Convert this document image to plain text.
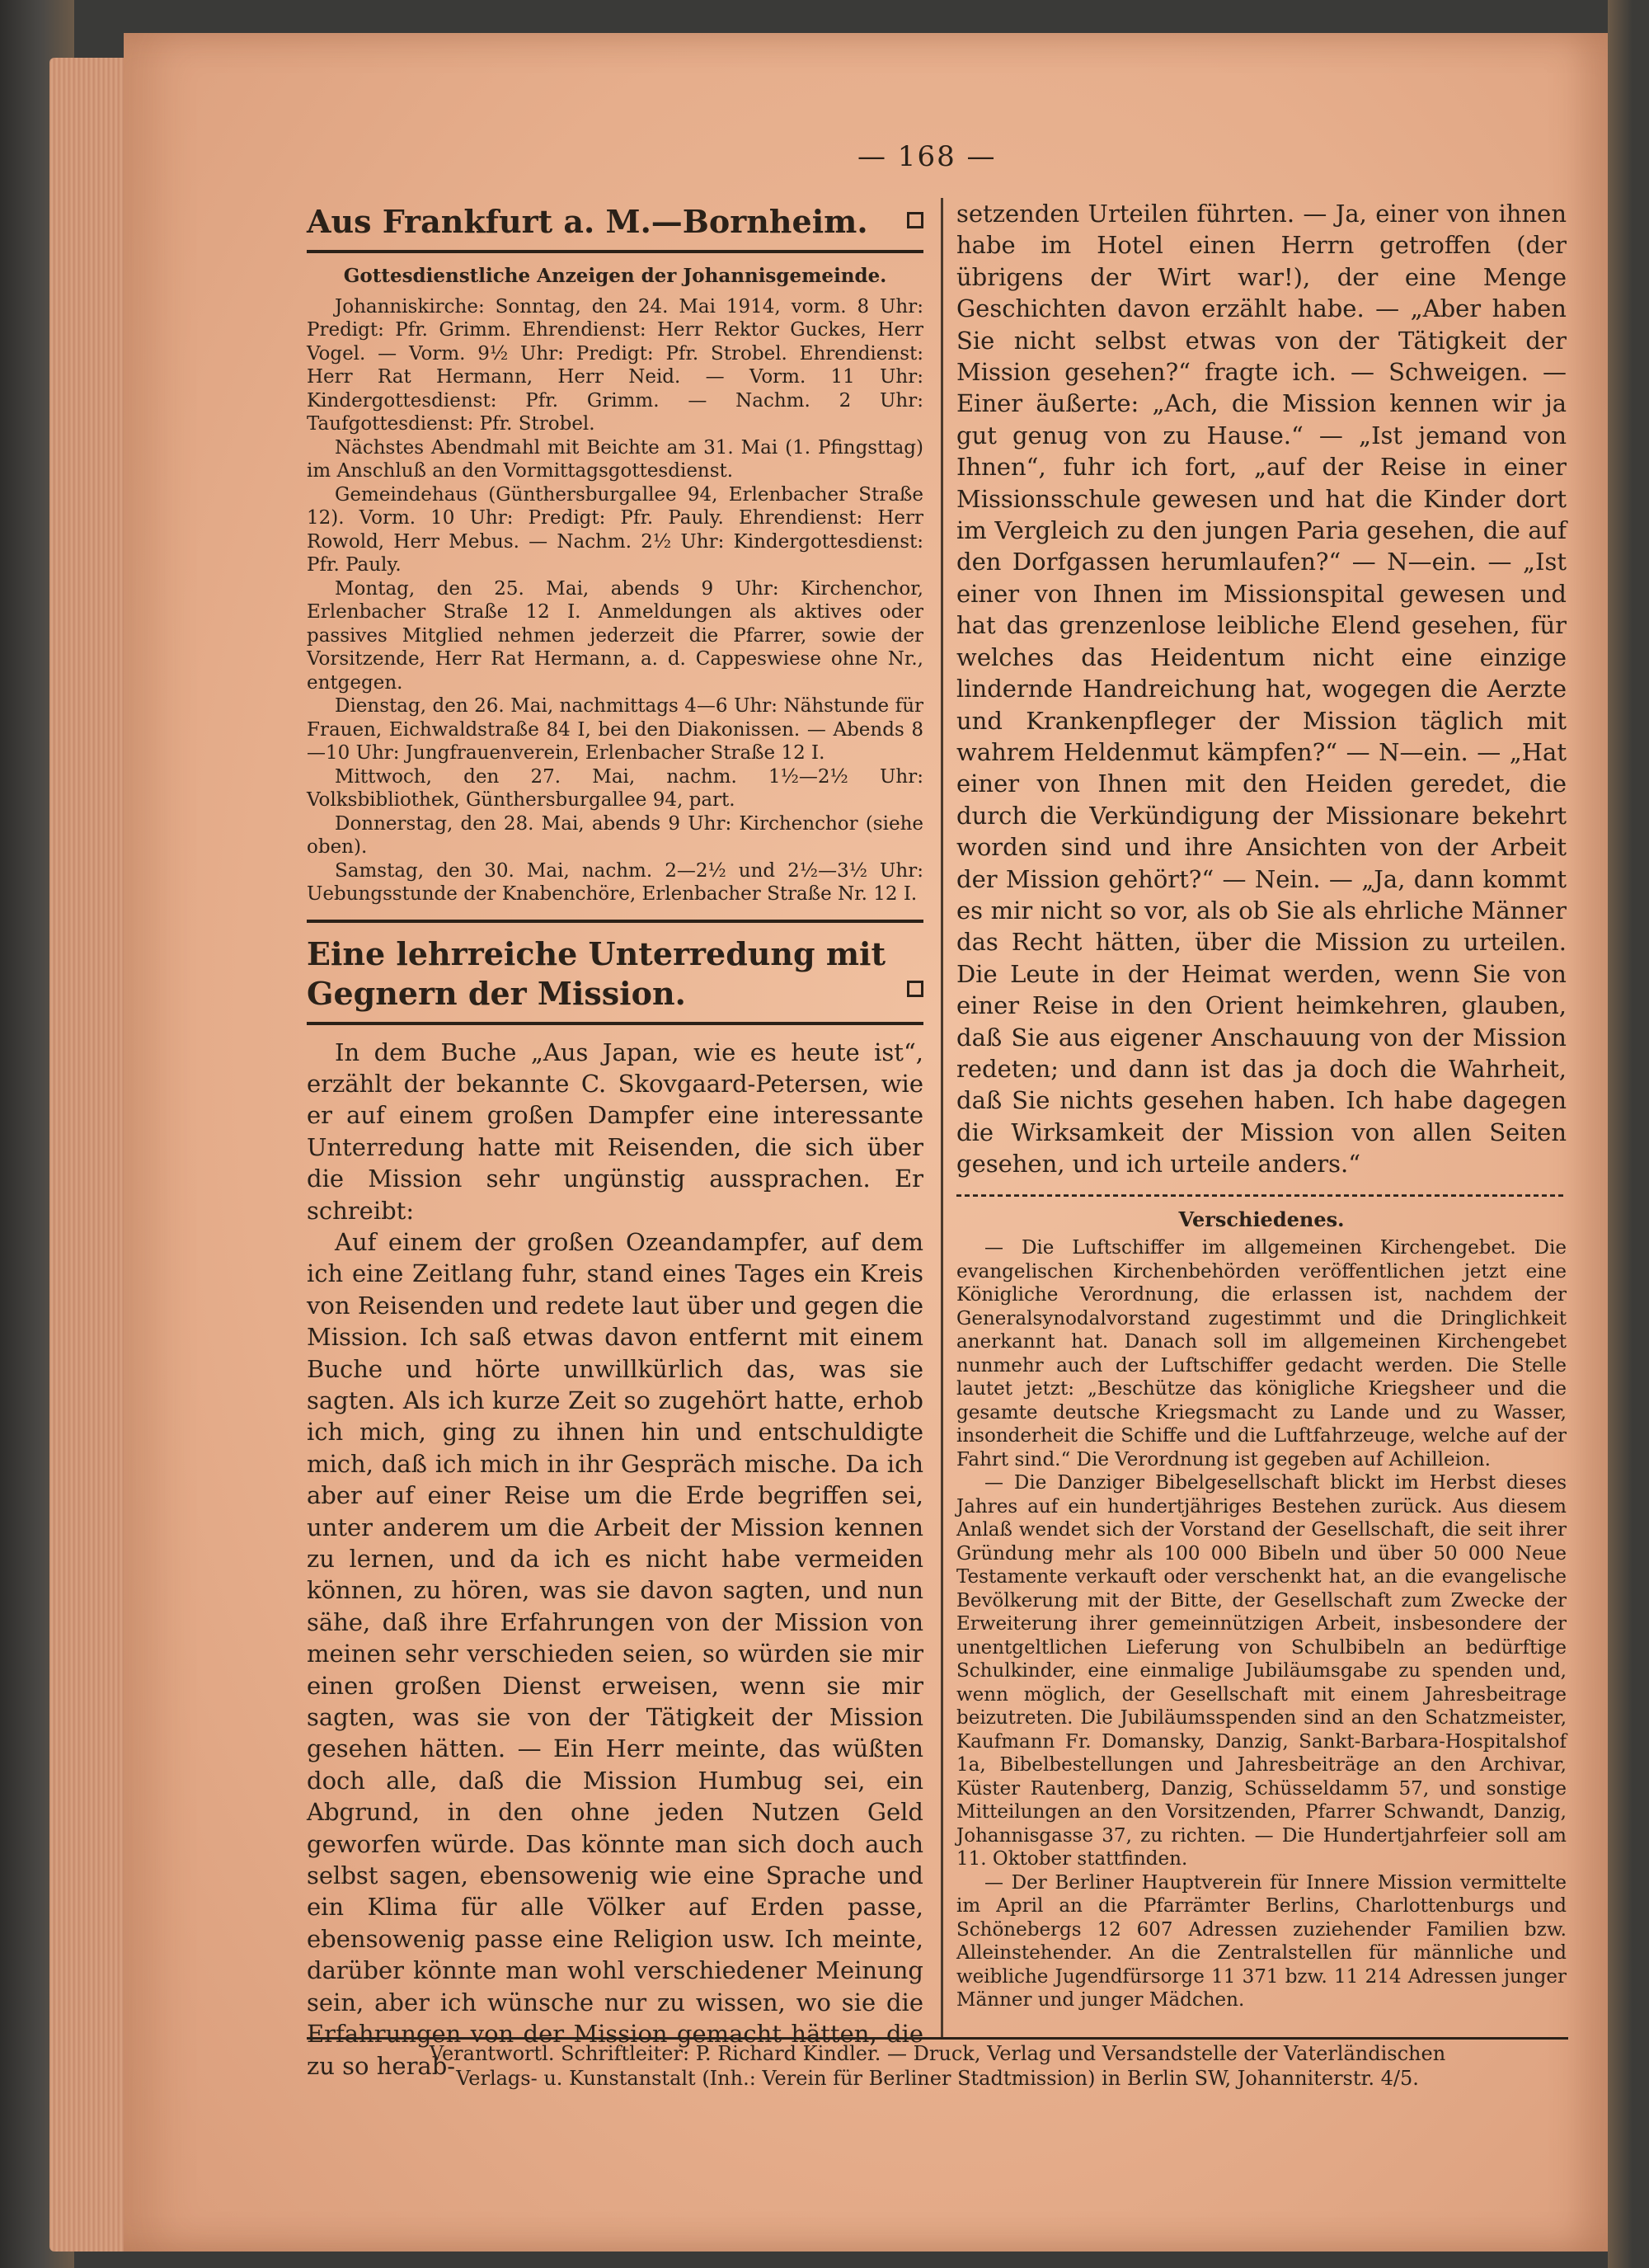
— 168 —
Aus Frankfurt a. M.—Bornheim.

Gottesdienstliche Anzeigen der Johannisgemeinde.

Johanniskirche: Sonntag, den 24. Mai 1914, vorm. 8 Uhr: Predigt: Pfr. Grimm. Ehrendienst: Herr Rektor Guckes, Herr Vogel. — Vorm. 9½ Uhr: Predigt: Pfr. Strobel. Ehrendienst: Herr Rat Hermann, Herr Neid. — Vorm. 11 Uhr: Kindergottesdienst: Pfr. Grimm. — Nachm. 2 Uhr: Taufgottesdienst: Pfr. Strobel.

Nächstes Abendmahl mit Beichte am 31. Mai (1. Pfingsttag) im Anschluß an den Vormittagsgottesdienst.

Gemeindehaus (Günthersburgallee 94, Erlenbacher Straße 12). Vorm. 10 Uhr: Predigt: Pfr. Pauly. Ehrendienst: Herr Rowold, Herr Mebus. — Nachm. 2½ Uhr: Kindergottesdienst: Pfr. Pauly.

Montag, den 25. Mai, abends 9 Uhr: Kirchenchor, Erlenbacher Straße 12 I. Anmeldungen als aktives oder passives Mitglied nehmen jederzeit die Pfarrer, sowie der Vorsitzende, Herr Rat Hermann, a. d. Cappeswiese ohne Nr., entgegen.

Dienstag, den 26. Mai, nachmittags 4—6 Uhr: Nähstunde für Frauen, Eichwaldstraße 84 I, bei den Diakonissen. — Abends 8—10 Uhr: Jungfrauenverein, Erlenbacher Straße 12 I.

Mittwoch, den 27. Mai, nachm. 1½—2½ Uhr: Volksbibliothek, Günthersburgallee 94, part.

Donnerstag, den 28. Mai, abends 9 Uhr: Kirchenchor (siehe oben).

Samstag, den 30. Mai, nachm. 2—2½ und 2½—3½ Uhr: Uebungsstunde der Knabenchöre, Erlenbacher Straße Nr. 12 I.

Eine lehrreiche Unterredung mit Gegnern der Mission.

In dem Buche „Aus Japan, wie es heute ist“, erzählt der bekannte C. Skovgaard-Petersen, wie er auf einem großen Dampfer eine interessante Unterredung hatte mit Reisenden, die sich über die Mission sehr ungünstig aussprachen. Er schreibt:

Auf einem der großen Ozeandampfer, auf dem ich eine Zeitlang fuhr, stand eines Tages ein Kreis von Reisenden und redete laut über und gegen die Mission. Ich saß etwas davon entfernt mit einem Buche und hörte unwillkürlich das, was sie sagten. Als ich kurze Zeit so zugehört hatte, erhob ich mich, ging zu ihnen hin und entschuldigte mich, daß ich mich in ihr Gespräch mische. Da ich aber auf einer Reise um die Erde begriffen sei, unter anderem um die Arbeit der Mission kennen zu lernen, und da ich es nicht habe vermeiden können, zu hören, was sie davon sagten, und nun sähe, daß ihre Erfahrungen von der Mission von meinen sehr verschieden seien, so würden sie mir einen großen Dienst erweisen, wenn sie mir sagten, was sie von der Tätigkeit der Mission gesehen hätten. — Ein Herr meinte, das wüßten doch alle, daß die Mission Humbug sei, ein Abgrund, in den ohne jeden Nutzen Geld geworfen würde. Das könnte man sich doch auch selbst sagen, ebensowenig wie eine Sprache und ein Klima für alle Völker auf Erden passe, ebensowenig passe eine Religion usw. Ich meinte, darüber könnte man wohl verschiedener Meinung sein, aber ich wünsche nur zu wissen, wo sie die Erfahrungen von der Mission gemacht hätten, die zu so herab-

setzenden Urteilen führten. — Ja, einer von ihnen habe im Hotel einen Herrn getroffen (der übrigens der Wirt war!), der eine Menge Geschichten davon erzählt habe. — „Aber haben Sie nicht selbst etwas von der Tätigkeit der Mission gesehen?“ fragte ich. — Schweigen. — Einer äußerte: „Ach, die Mission kennen wir ja gut genug von zu Hause.“ — „Ist jemand von Ihnen“, fuhr ich fort, „auf der Reise in einer Missionsschule gewesen und hat die Kinder dort im Vergleich zu den jungen Paria gesehen, die auf den Dorfgassen herumlaufen?“ — N—ein. — „Ist einer von Ihnen im Missionspital gewesen und hat das grenzenlose leibliche Elend gesehen, für welches das Heidentum nicht eine einzige lindernde Handreichung hat, wogegen die Aerzte und Krankenpfleger der Mission täglich mit wahrem Heldenmut kämpfen?“ — N—ein. — „Hat einer von Ihnen mit den Heiden geredet, die durch die Verkündigung der Missionare bekehrt worden sind und ihre Ansichten von der Arbeit der Mission gehört?“ — Nein. — „Ja, dann kommt es mir nicht so vor, als ob Sie als ehrliche Männer das Recht hätten, über die Mission zu urteilen. Die Leute in der Heimat werden, wenn Sie von einer Reise in den Orient heimkehren, glauben, daß Sie aus eigener Anschauung von der Mission redeten; und dann ist das ja doch die Wahrheit, daß Sie nichts gesehen haben. Ich habe dagegen die Wirksamkeit der Mission von allen Seiten gesehen, und ich urteile anders.“

Verschiedenes.

— Die Luftschiffer im allgemeinen Kirchengebet. Die evangelischen Kirchenbehörden veröffentlichen jetzt eine Königliche Verordnung, die erlassen ist, nachdem der Generalsynodalvorstand zugestimmt und die Dringlichkeit anerkannt hat. Danach soll im allgemeinen Kirchengebet nunmehr auch der Luftschiffer gedacht werden. Die Stelle lautet jetzt: „Beschütze das königliche Kriegsheer und die gesamte deutsche Kriegsmacht zu Lande und zu Wasser, insonderheit die Schiffe und die Luftfahrzeuge, welche auf der Fahrt sind.“ Die Verordnung ist gegeben auf Achilleion.

— Die Danziger Bibelgesellschaft blickt im Herbst dieses Jahres auf ein hundertjähriges Bestehen zurück. Aus diesem Anlaß wendet sich der Vorstand der Gesellschaft, die seit ihrer Gründung mehr als 100 000 Bibeln und über 50 000 Neue Testamente verkauft oder verschenkt hat, an die evangelische Bevölkerung mit der Bitte, der Gesellschaft zum Zwecke der Erweiterung ihrer gemeinnützigen Arbeit, insbesondere der unentgeltlichen Lieferung von Schulbibeln an bedürftige Schulkinder, eine einmalige Jubiläumsgabe zu spenden und, wenn möglich, der Gesellschaft mit einem Jahresbeitrage beizutreten. Die Jubiläumsspenden sind an den Schatzmeister, Kaufmann Fr. Domansky, Danzig, Sankt-Barbara-Hospitalshof 1a, Bibelbestellungen und Jahresbeiträge an den Archivar, Küster Rautenberg, Danzig, Schüsseldamm 57, und sonstige Mitteilungen an den Vorsitzenden, Pfarrer Schwandt, Danzig, Johannisgasse 37, zu richten. — Die Hundertjahrfeier soll am 11. Oktober stattfinden.

— Der Berliner Hauptverein für Innere Mission vermittelte im April an die Pfarrämter Berlins, Charlottenburgs und Schönebergs 12 607 Adressen zuziehender Familien bzw. Alleinstehender. An die Zentralstellen für männliche und weibliche Jugendfürsorge 11 371 bzw. 11 214 Adressen junger Männer und junger Mädchen.

Verantwortl. Schriftleiter: P. Richard Kindler. — Druck, Verlag und Versandstelle der Vaterländischen
Verlags- u. Kunstanstalt (Inh.: Verein für Berliner Stadtmission) in Berlin SW, Johanniterstr. 4/5.
